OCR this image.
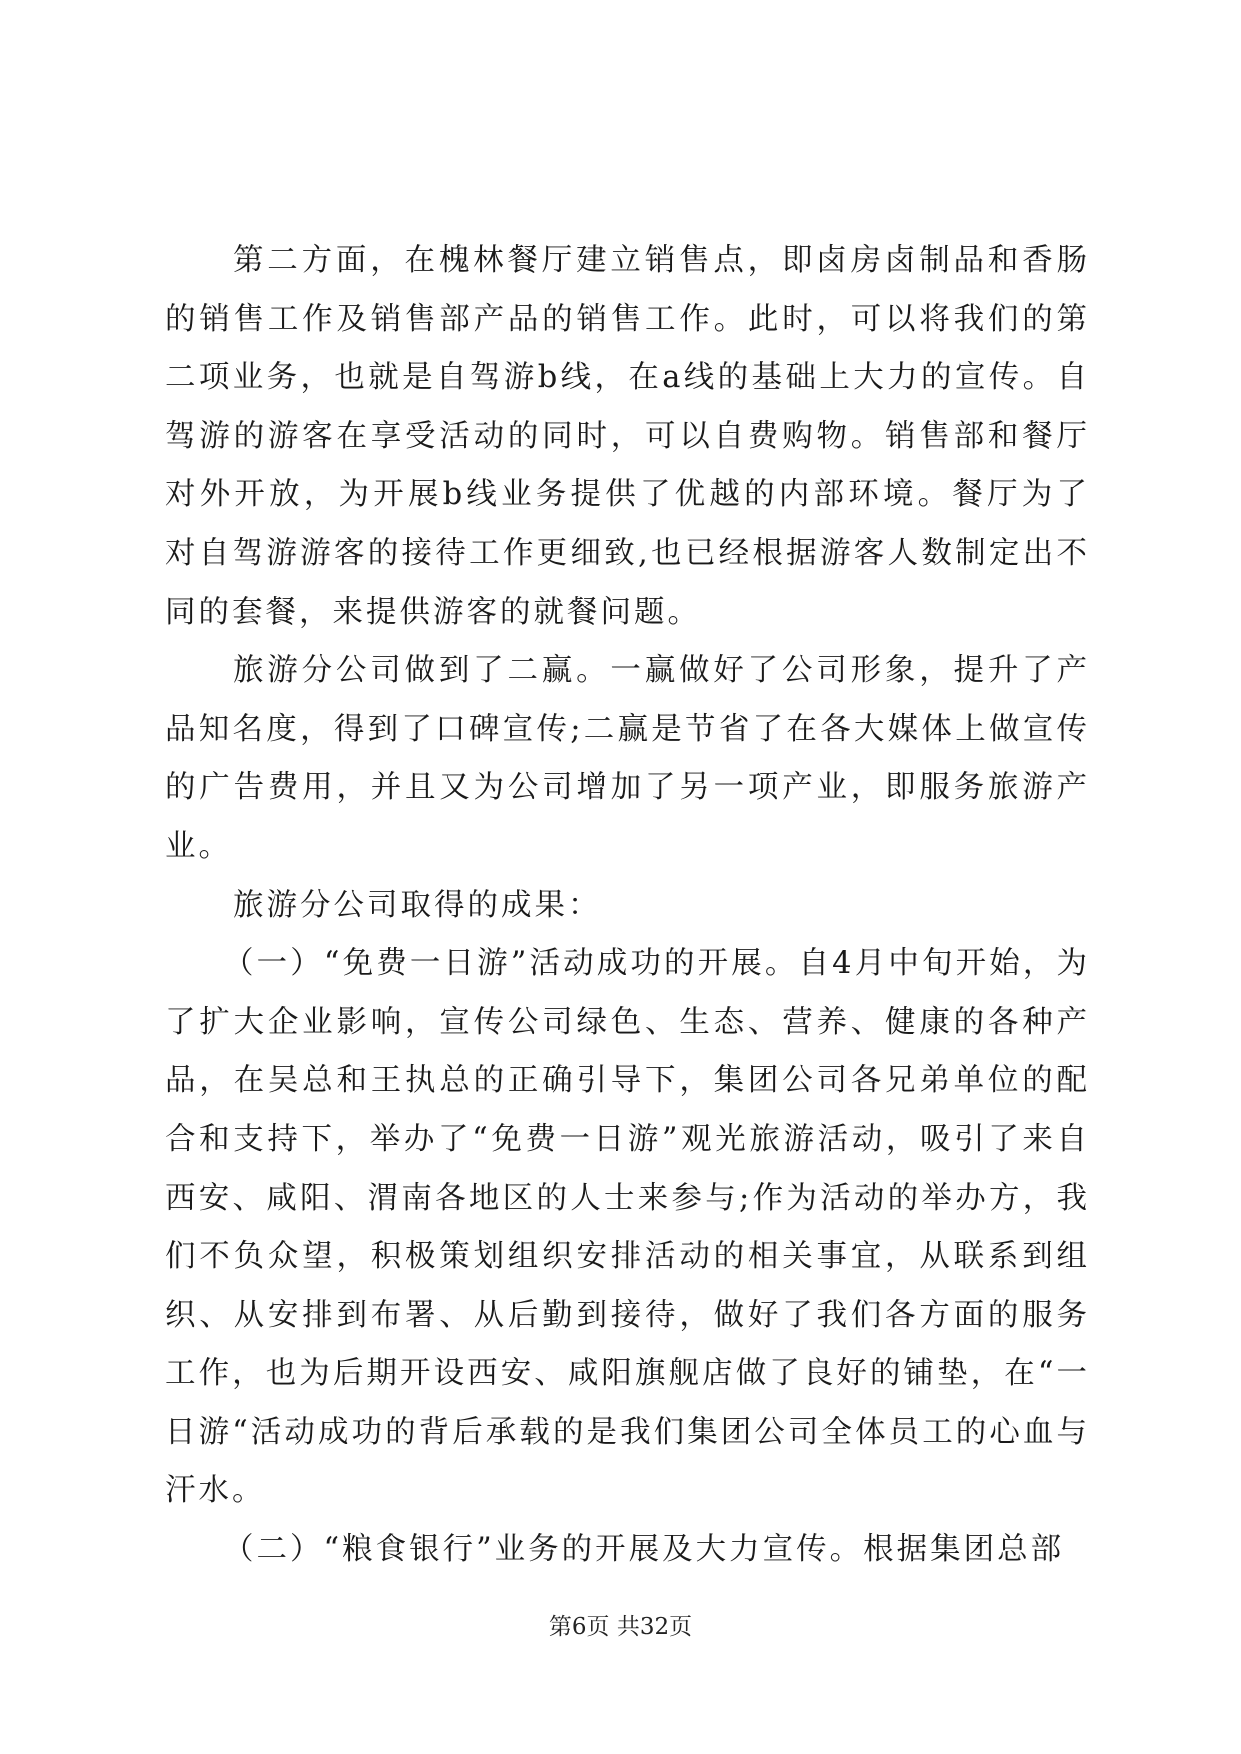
第二方面，在槐林餐厅建立销售点，即卤房卤制品和香肠的销售工作及销售部产品的销售工作。此时，可以将我们的第二项业务，也就是自驾游b线，在a线的基础上大力的宣传。自驾游的游客在享受活动的同时，可以自费购物。销售部和餐厅对外开放，为开展b线业务提供了优越的内部环境。餐厅为了对自驾游游客的接待工作更细致,也已经根据游客人数制定出不同的套餐，来提供游客的就餐问题。

旅游分公司做到了二赢。一赢做好了公司形象，提升了产品知名度，得到了口碑宣传;二赢是节省了在各大媒体上做宣传的广告费用，并且又为公司增加了另一项产业，即服务旅游产业。

旅游分公司取得的成果：

（一）“免费一日游”活动成功的开展。自4月中旬开始，为了扩大企业影响，宣传公司绿色、生态、营养、健康的各种产品，在吴总和王执总的正确引导下，集团公司各兄弟单位的配合和支持下，举办了“免费一日游”观光旅游活动，吸引了来自西安、咸阳、渭南各地区的人士来参与;作为活动的举办方，我们不负众望，积极策划组织安排活动的相关事宜，从联系到组织、从安排到布署、从后勤到接待，做好了我们各方面的服务工作，也为后期开设西安、咸阳旗舰店做了良好的铺垫，在“一日游“活动成功的背后承载的是我们集团公司全体员工的心血与汗水。

（二）“粮食银行”业务的开展及大力宣传。根据集团总部

第6页 共32页
